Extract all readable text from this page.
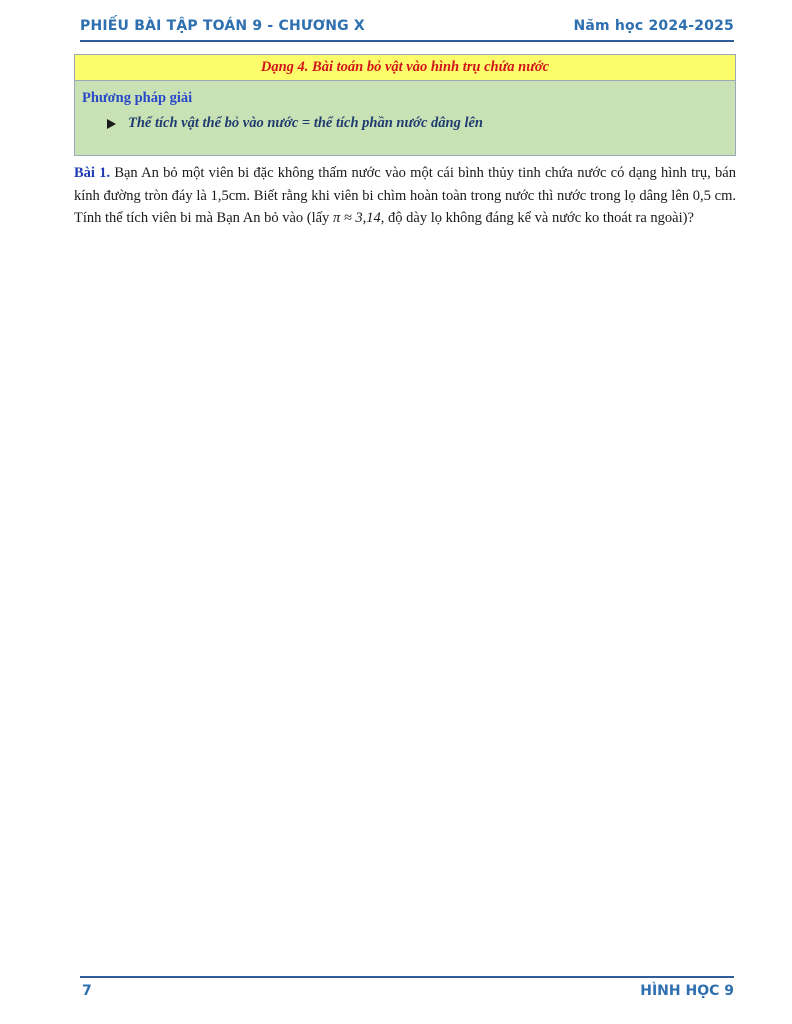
PHIẾU BÀI TẬP TOÁN 9 - CHƯƠNG X	Năm học 2024-2025
Dạng 4. Bài toán bỏ vật vào hình trụ chứa nước
Phương pháp giải
Thể tích vật thể bỏ vào nước = thể tích phần nước dâng lên
Bài 1. Bạn An bỏ một viên bi đặc không thấm nước vào một cái bình thủy tinh chứa nước có dạng hình trụ, bán kính đường tròn đáy là 1,5cm. Biết rằng khi viên bi chìm hoàn toàn trong nước thì nước trong lọ dâng lên 0,5 cm. Tính thể tích viên bi mà Bạn An bỏ vào (lấy π ≈ 3,14, độ dày lọ không đáng kể và nước ko thoát ra ngoài)?
7	HÌNH HỌC 9
